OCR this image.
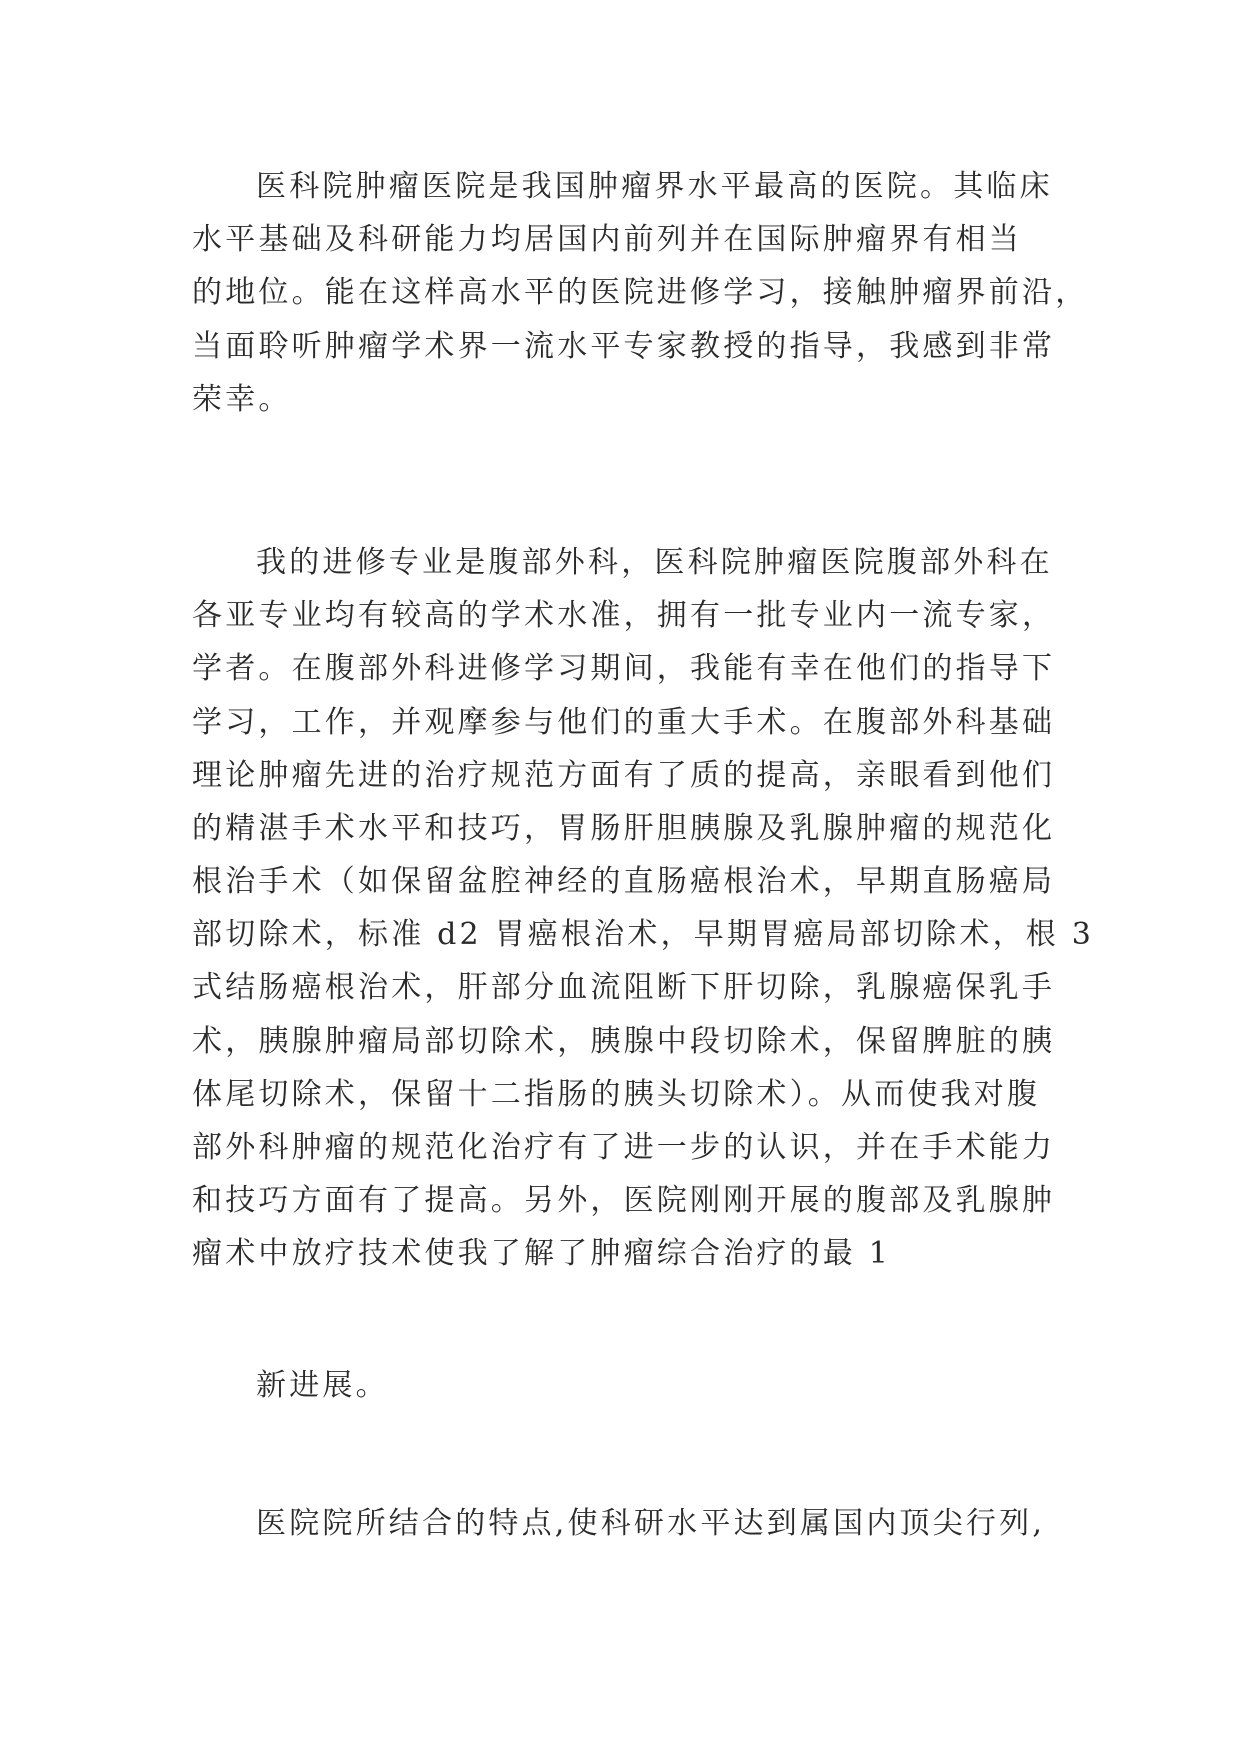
医科院肿瘤医院是我国肿瘤界水平最高的医院。其临床
水平基础及科研能力均居国内前列并在国际肿瘤界有相当
的地位。能在这样高水平的医院进修学习，接触肿瘤界前沿，
当面聆听肿瘤学术界一流水平专家教授的指导，我感到非常
荣幸。
我的进修专业是腹部外科，医科院肿瘤医院腹部外科在
各亚专业均有较高的学术水准，拥有一批专业内一流专家，
学者。在腹部外科进修学习期间，我能有幸在他们的指导下
学习，工作，并观摩参与他们的重大手术。在腹部外科基础
理论肿瘤先进的治疗规范方面有了质的提高，亲眼看到他们
的精湛手术水平和技巧，胃肠肝胆胰腺及乳腺肿瘤的规范化
根治手术（如保留盆腔神经的直肠癌根治术，早期直肠癌局
部切除术，标准 d2 胃癌根治术，早期胃癌局部切除术，根 3
式结肠癌根治术，肝部分血流阻断下肝切除，乳腺癌保乳手
术，胰腺肿瘤局部切除术，胰腺中段切除术，保留脾脏的胰
体尾切除术，保留十二指肠的胰头切除术）。从而使我对腹
部外科肿瘤的规范化治疗有了进一步的认识，并在手术能力
和技巧方面有了提高。另外，医院刚刚开展的腹部及乳腺肿
瘤术中放疗技术使我了解了肿瘤综合治疗的最 1
新进展。
医院院所结合的特点,使科研水平达到属国内顶尖行列,
